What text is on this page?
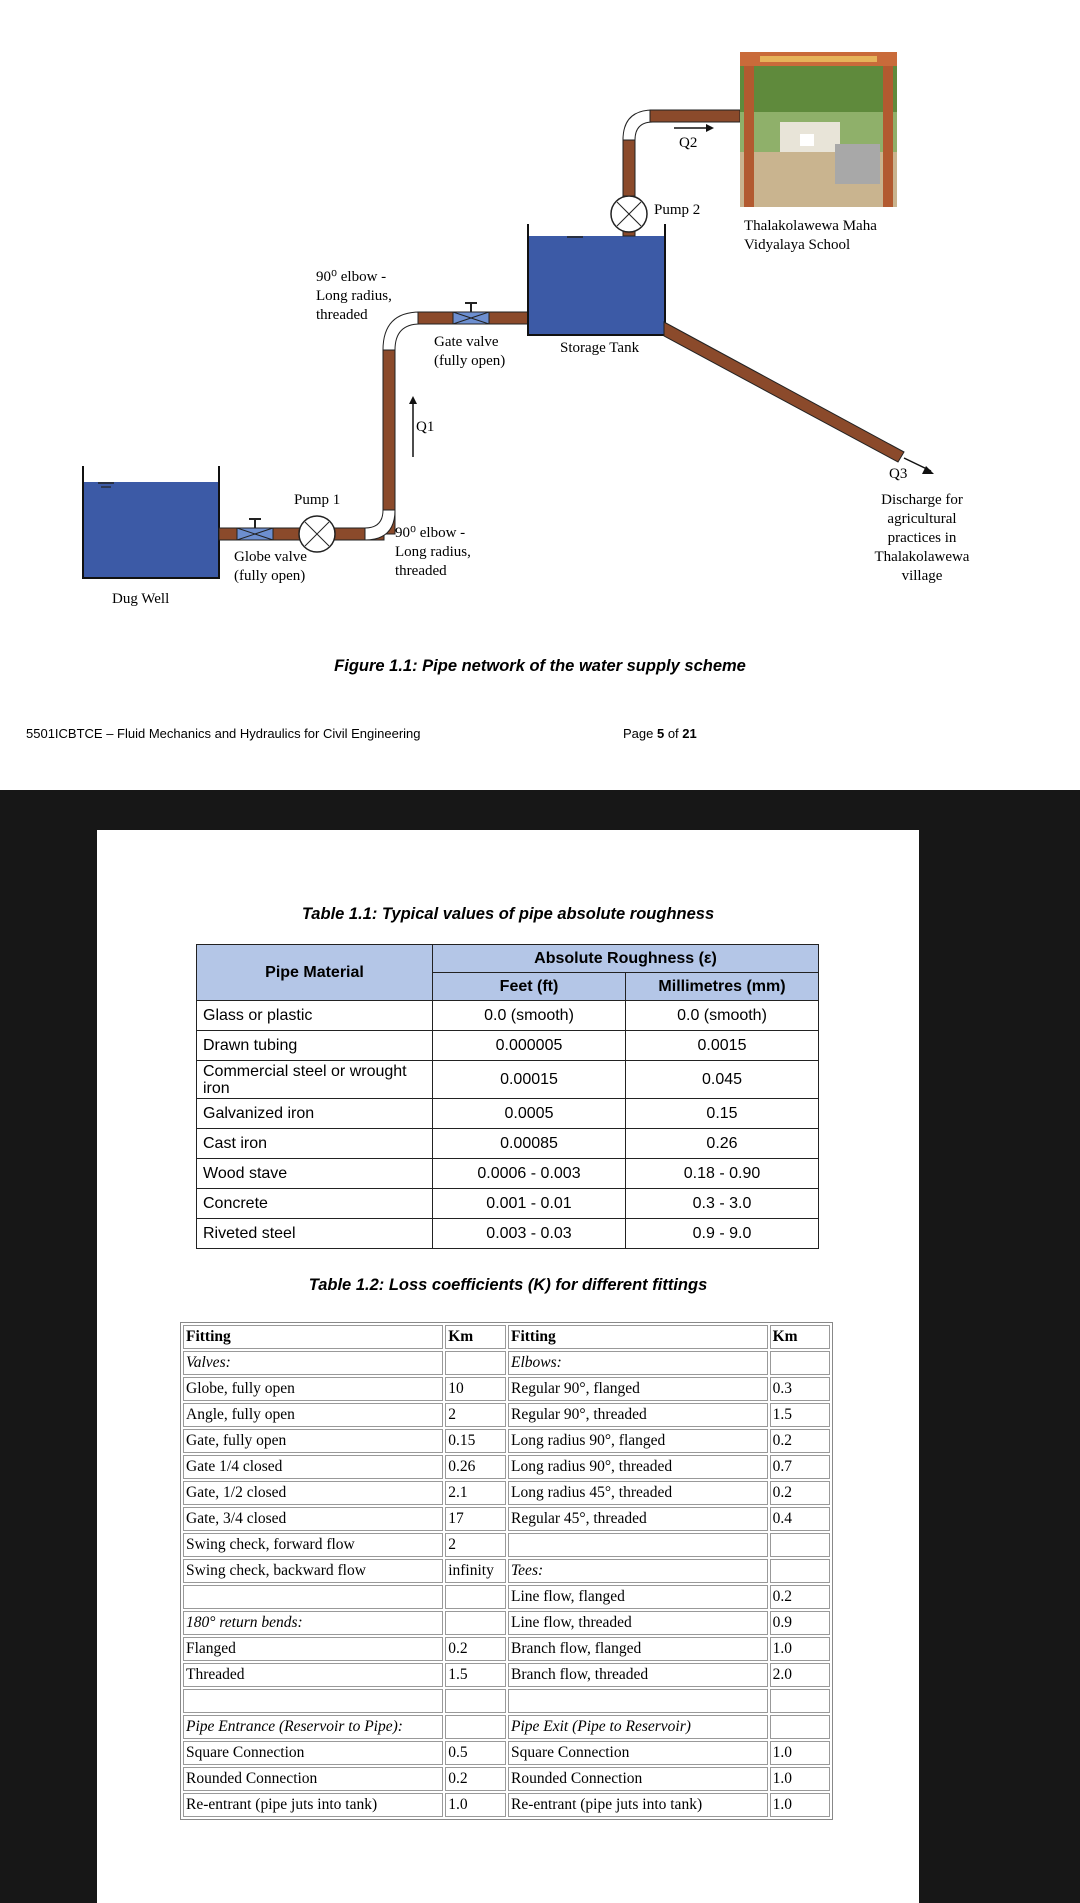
90⁰ elbow - Long radius, threaded
Gate valve (fully open)
Storage Tank
Pump 2
Q2
Thalakolawewa Maha Vidyalaya School
Q1
Pump 1
Globe valve (fully open)
90⁰ elbow - Long radius, threaded
Dug Well
Q3
Discharge for agricultural practices in Thalakolawewa village
Figure 1.1: Pipe network of the water supply scheme
5501ICBTCE – Fluid Mechanics and Hydraulics for Civil Engineering	Page 5 of 21
Table 1.1: Typical values of pipe absolute roughness
Pipe Material	Absolute Roughness (ε)	
	Feet (ft)	Millimetres (mm)
Glass or plastic	0.0 (smooth)	0.0 (smooth)
Drawn tubing	0.000005	0.0015
Commercial steel or wrought iron	0.00015	0.045
Galvanized iron	0.0005	0.15
Cast iron	0.00085	0.26
Wood stave	0.0006 - 0.003	0.18 - 0.90
Concrete	0.001 - 0.01	0.3 - 3.0
Riveted steel	0.003 - 0.03	0.9 - 9.0
Table 1.2: Loss coefficients (K) for different fittings
Fitting	Km	Fitting	Km
Valves:		Elbows:	
Globe, fully open	10	Regular 90°, flanged	0.3
Angle, fully open	2	Regular 90°, threaded	1.5
Gate, fully open	0.15	Long radius 90°, flanged	0.2
Gate 1/4 closed	0.26	Long radius 90°, threaded	0.7
Gate, 1/2 closed	2.1	Long radius 45°, threaded	0.2
Gate, 3/4 closed	17	Regular 45°, threaded	0.4
Swing check, forward flow	2		
Swing check, backward flow	infinity	Tees:	
		Line flow, flanged	0.2
180° return bends:		Line flow, threaded	0.9
Flanged	0.2	Branch flow, flanged	1.0
Threaded	1.5	Branch flow, threaded	2.0

Pipe Entrance (Reservoir to Pipe):		Pipe Exit (Pipe to Reservoir)	
Square Connection	0.5	Square Connection	1.0
Rounded Connection	0.2	Rounded Connection	1.0
Re-entrant (pipe juts into tank)	1.0	Re-entrant (pipe juts into tank)	1.0
